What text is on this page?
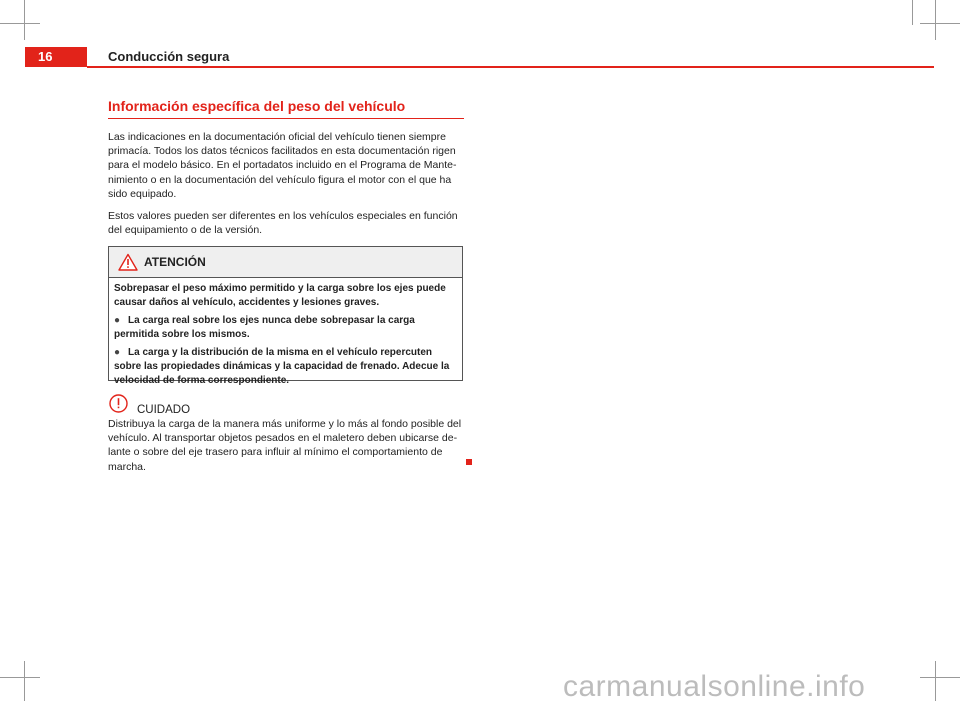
16	Conducción segura
Información específica del peso del vehículo

Las indicaciones en la documentación oficial del vehículo tienen siempre primacía. Todos los datos técnicos facilitados en esta documentación rigen para el modelo básico. En el portadatos incluido en el Programa de Mantenimiento o en la documentación del vehículo figura el motor con el que ha sido equipado.

Estos valores pueden ser diferentes en los vehículos especiales en función del equipamiento o de la versión.

ATENCIÓN

Sobrepasar el peso máximo permitido y la carga sobre los ejes puede causar daños al vehículo, accidentes y lesiones graves.

● La carga real sobre los ejes nunca debe sobrepasar la carga permitida sobre los mismos.

● La carga y la distribución de la misma en el vehículo repercuten sobre las propiedades dinámicas y la capacidad de frenado. Adecue la velocidad de forma correspondiente.

CUIDADO

Distribuya la carga de la manera más uniforme y lo más al fondo posible del vehículo. Al transportar objetos pesados en el maletero deben ubicarse delante o sobre del eje trasero para influir al mínimo el comportamiento de marcha.

carmanualsonline.info
